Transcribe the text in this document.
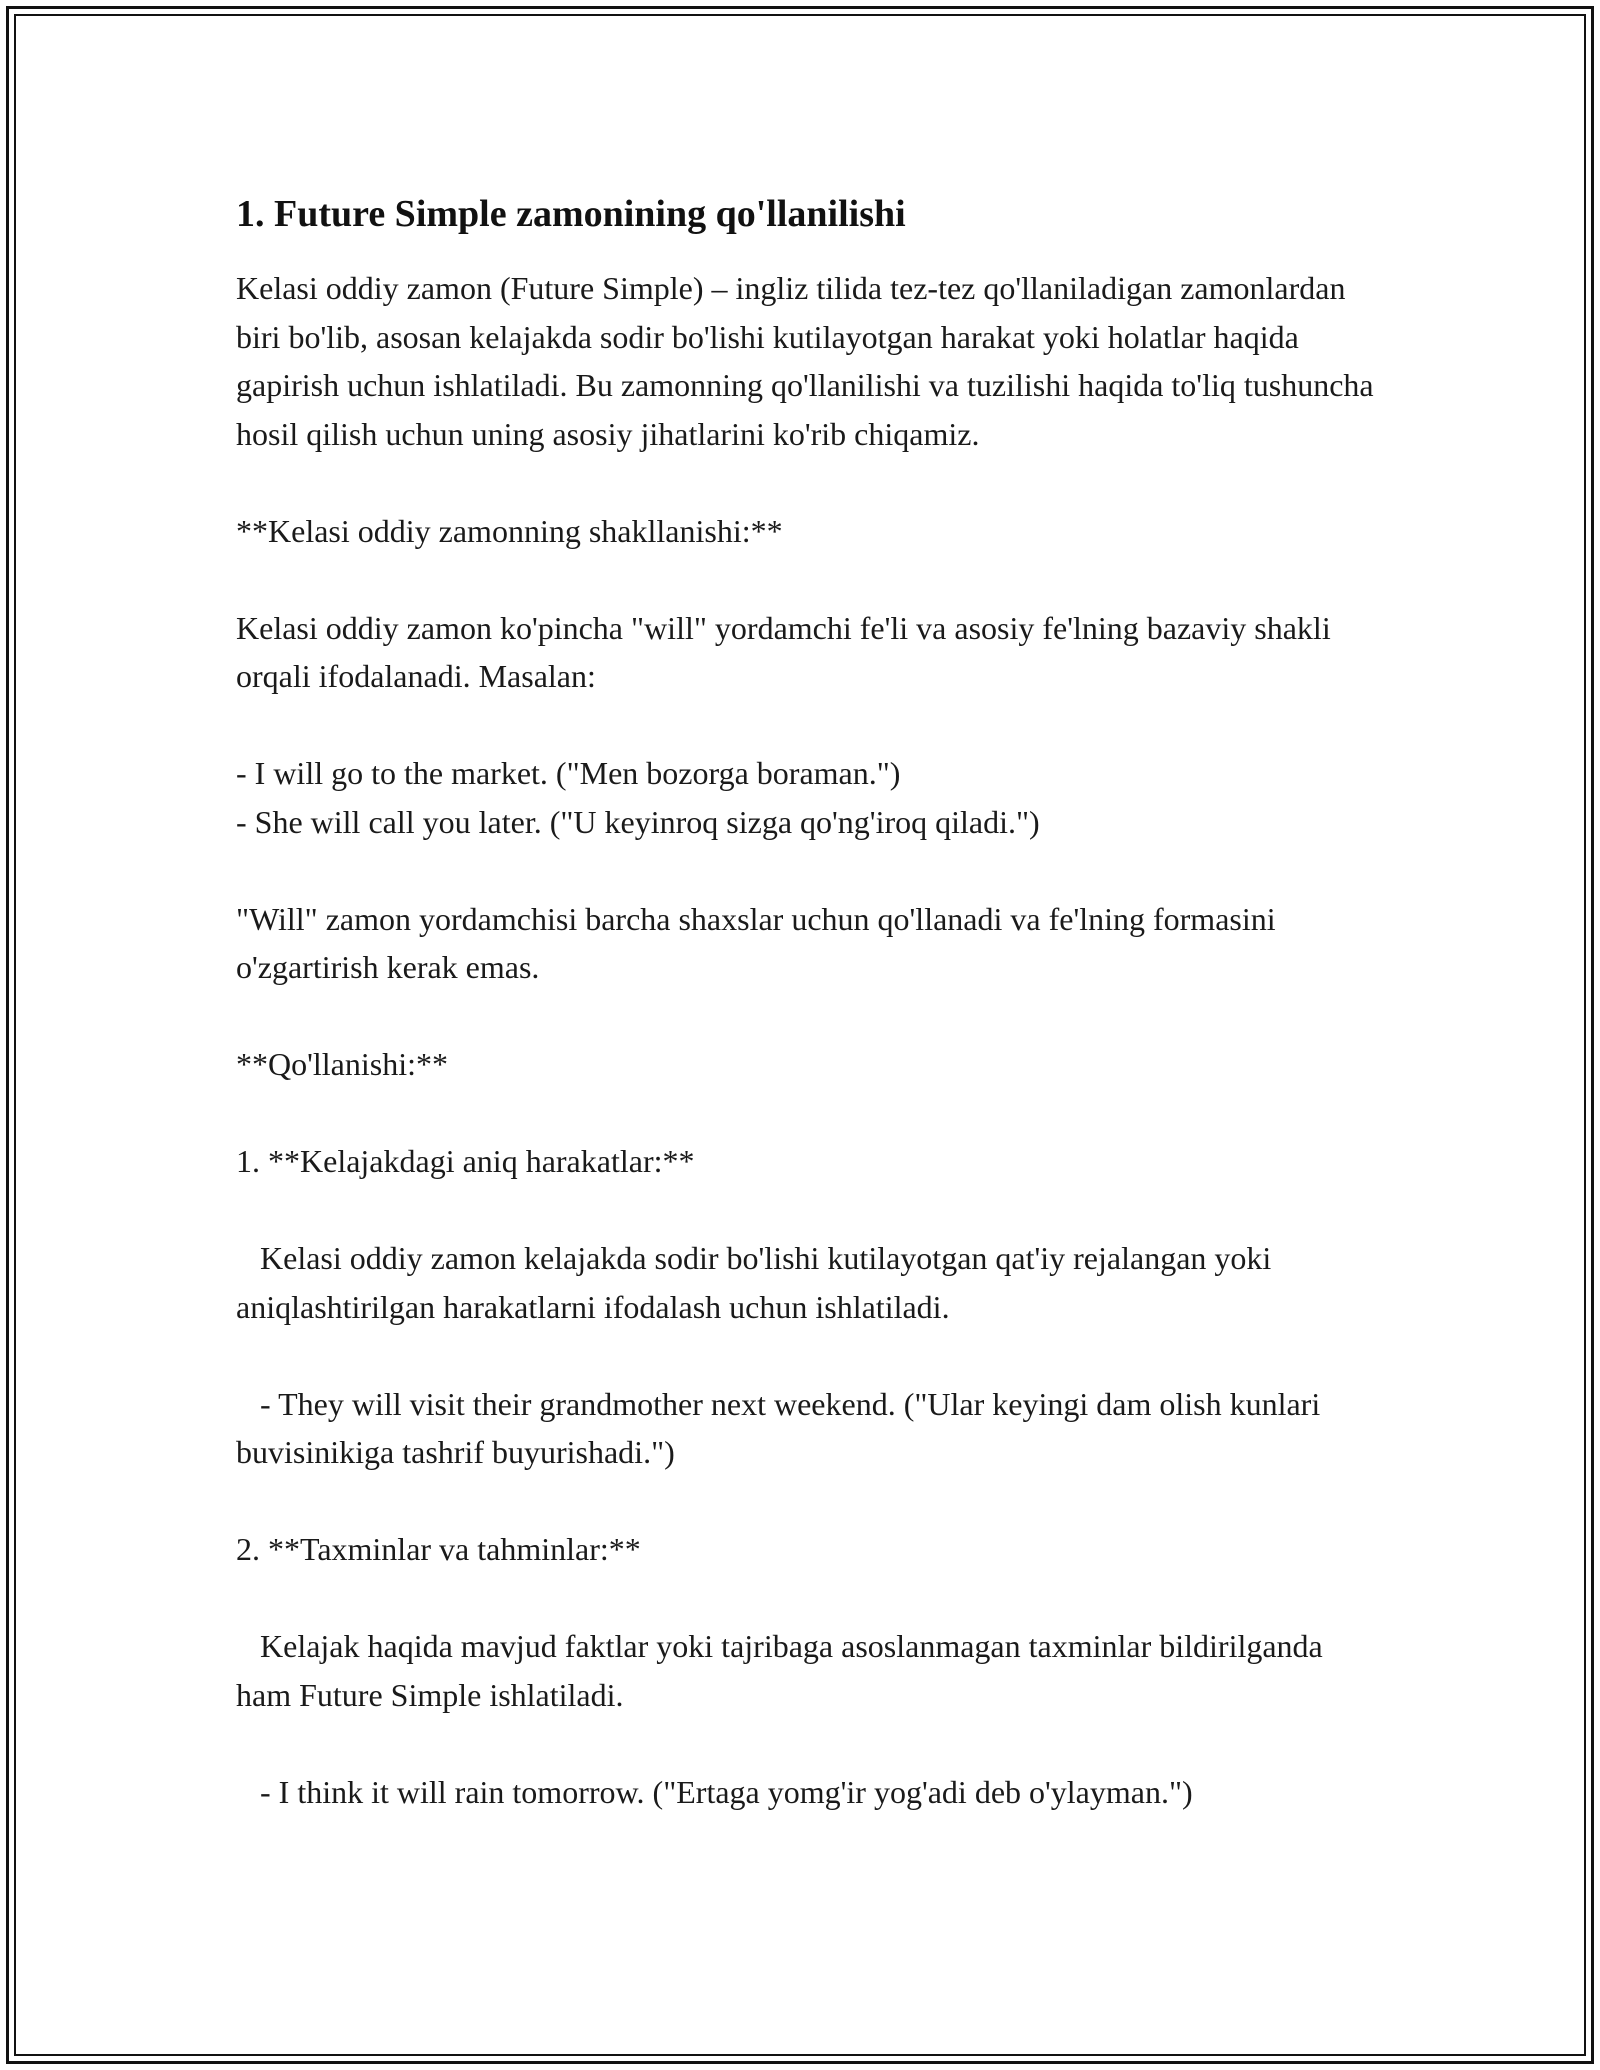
1. Future Simple zamonining qo'llanilishi

Kelasi oddiy zamon (Future Simple) – ingliz tilida tez-tez qo'llaniladigan zamonlardan biri bo'lib, asosan kelajakda sodir bo'lishi kutilayotgan harakat yoki holatlar haqida gapirish uchun ishlatiladi. Bu zamonning qo'llanilishi va tuzilishi haqida to'liq tushuncha hosil qilish uchun uning asosiy jihatlarini ko'rib chiqamiz.

**Kelasi oddiy zamonning shakllanishi:**

Kelasi oddiy zamon ko'pincha "will" yordamchi fe'li va asosiy fe'lning bazaviy shakli orqali ifodalanadi. Masalan:

- I will go to the market. ("Men bozorga boraman.")

- She will call you later. ("U keyinroq sizga qo'ng'iroq qiladi.")

"Will" zamon yordamchisi barcha shaxslar uchun qo'llanadi va fe'lning formasini o'zgartirish kerak emas.

**Qo'llanishi:**

1. **Kelajakdagi aniq harakatlar:**

Kelasi oddiy zamon kelajakda sodir bo'lishi kutilayotgan qat'iy rejalangan yoki aniqlashtirilgan harakatlarni ifodalash uchun ishlatiladi.

- They will visit their grandmother next weekend. ("Ular keyingi dam olish kunlari buvisinikiga tashrif buyurishadi.")

2. **Taxminlar va tahminlar:**

Kelajak haqida mavjud faktlar yoki tajribaga asoslanmagan taxminlar bildirilganda ham Future Simple ishlatiladi.

- I think it will rain tomorrow. ("Ertaga yomg'ir yog'adi deb o'ylayman.")
